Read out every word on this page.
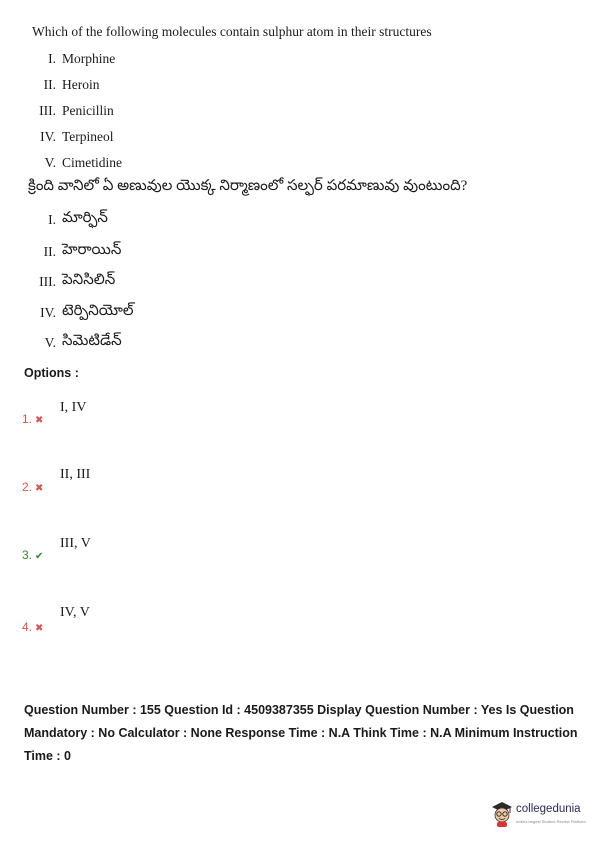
Which of the following molecules contain sulphur atom in their structures
I. Morphine
II. Heroin
III. Penicillin
IV. Terpineol
V. Cimetidine
క్రింది వానిలో ఏ అణువుల యొక్క నిర్మాణంలో సల్ఫర్ పరమాణువు వుంటుంది?
I. మార్ఫిన్
II. హెరాయిన్
III. పెనిసిలిన్
IV. టెర్పినియోల్
V. సిమెటిడేన్
Options :
1. ✖
I, IV
2. ✖
II, III
3. ✔
III, V
4. ✖
IV, V
Question Number : 155 Question Id : 4509387355 Display Question Number : Yes Is Question Mandatory : No Calculator : None Response Time : N.A Think Time : N.A Minimum Instruction Time : 0
collegedunia
India's largest Student Review Platform
